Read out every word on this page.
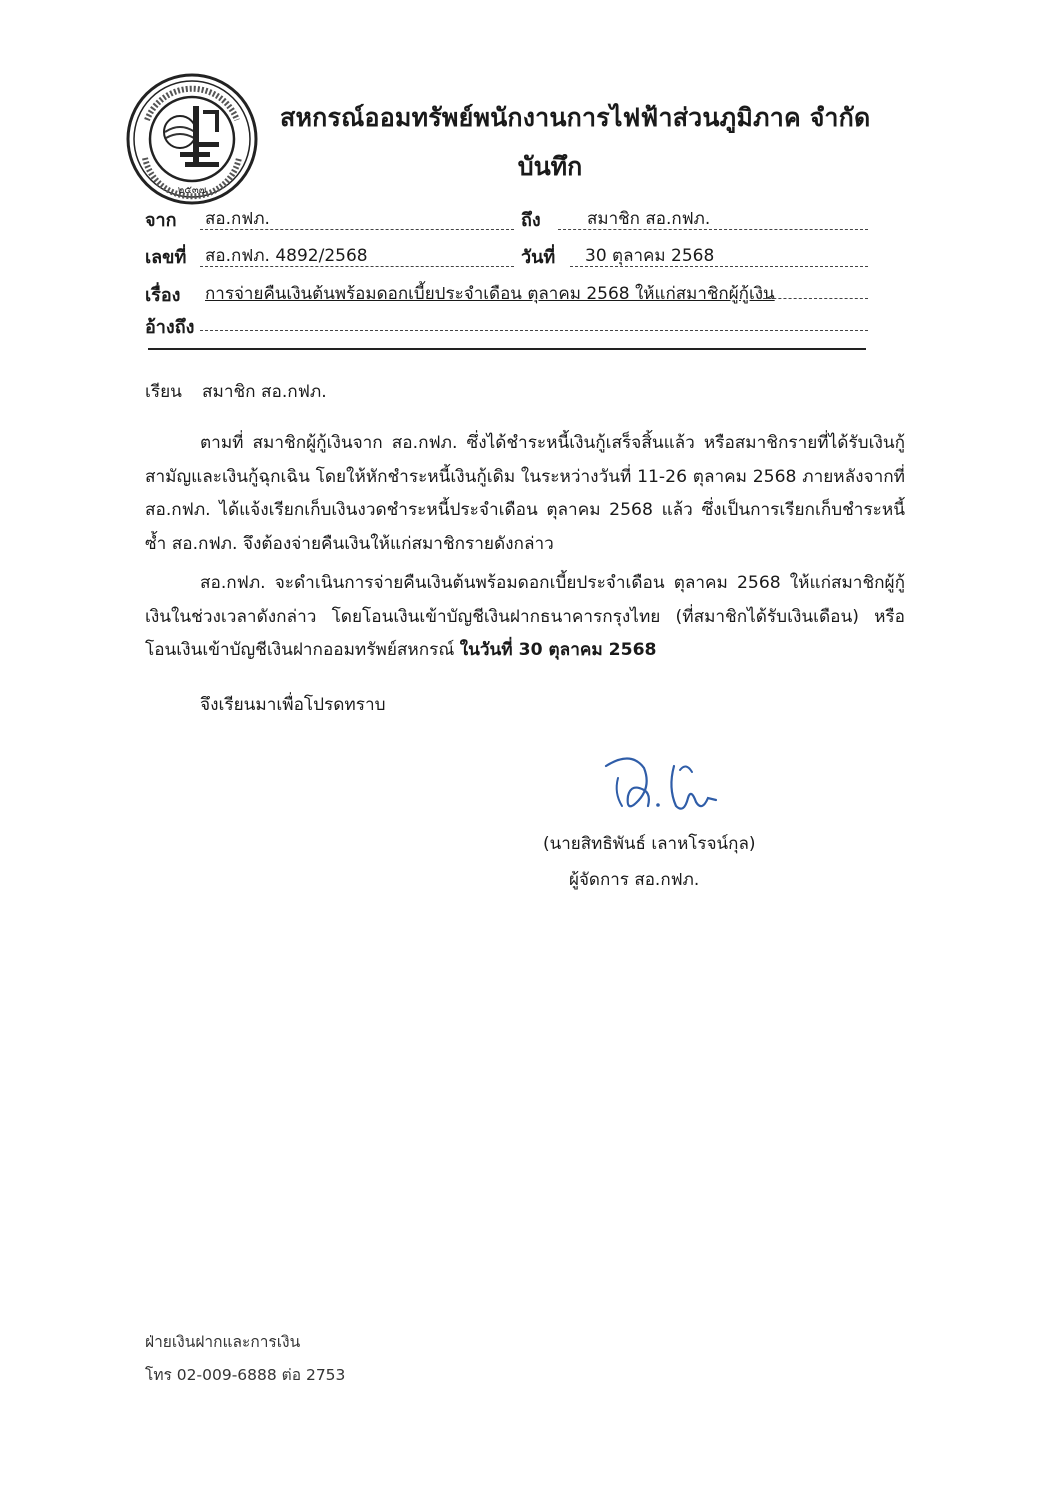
๒๕๓๗
สหกรณ์ออมทรัพย์พนักงานการไฟฟ้าส่วนภูมิภาค จำกัด
บันทึก
จาก สอ.กฟภ.	ถึง	สมาชิก สอ.กฟภ.
เลขที่ สอ.กฟภ. 4892/2568	วันที่ 30 ตุลาคม 2568
เรื่อง การจ่ายคืนเงินต้นพร้อมดอกเบี้ยประจำเดือน ตุลาคม 2568 ให้แก่สมาชิกผู้กู้เงิน
อ้างถึง
เรียน สมาชิก สอ.กฟภ.
ตามที่ สมาชิกผู้กู้เงินจาก สอ.กฟภ. ซึ่งได้ชำระหนี้เงินกู้เสร็จสิ้นแล้ว หรือสมาชิกรายที่ได้รับเงินกู้สามัญและเงินกู้ฉุกเฉิน โดยให้หักชำระหนี้เงินกู้เดิม ในระหว่างวันที่ 11-26 ตุลาคม 2568 ภายหลังจากที่ สอ.กฟภ. ได้แจ้งเรียกเก็บเงินงวดชำระหนี้ประจำเดือน ตุลาคม 2568 แล้ว ซึ่งเป็นการเรียกเก็บชำระหนี้ซ้ำ สอ.กฟภ. จึงต้องจ่ายคืนเงินให้แก่สมาชิกรายดังกล่าว
สอ.กฟภ. จะดำเนินการจ่ายคืนเงินต้นพร้อมดอกเบี้ยประจำเดือน ตุลาคม 2568 ให้แก่สมาชิกผู้กู้เงินในช่วงเวลาดังกล่าว โดยโอนเงินเข้าบัญชีเงินฝากธนาคารกรุงไทย (ที่สมาชิกได้รับเงินเดือน) หรือโอนเงินเข้าบัญชีเงินฝากออมทรัพย์สหกรณ์ ในวันที่ 30 ตุลาคม 2568
จึงเรียนมาเพื่อโปรดทราบ
(นายสิทธิพันธ์ เลาหโรจน์กุล)
ผู้จัดการ สอ.กฟภ.
ฝ่ายเงินฝากและการเงิน
โทร 02-009-6888 ต่อ 2753
